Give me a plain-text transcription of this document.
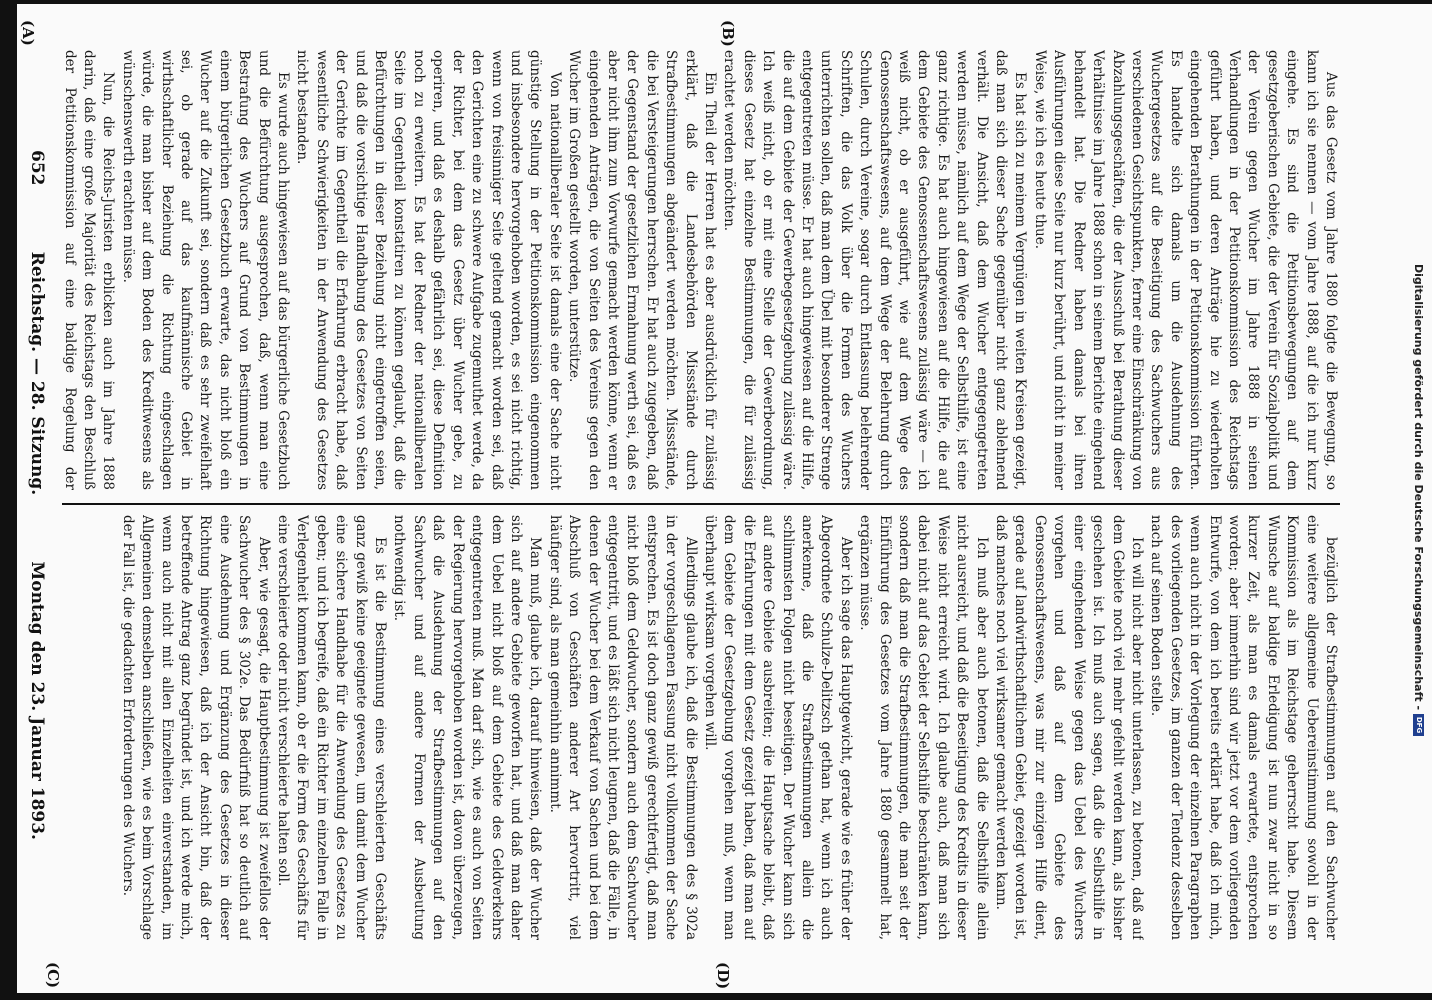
652
Reichstag. — 28. Sitzung.
Montag den 23. Januar 1893.
(A)	(B)
(C)	(D)

Aus das Gesetz vom Jahre 1880 folgte die Bewegung, so kann ich sie nennen — vom Jahre 1888, auf die ich nur kurz eingehe. Es sind die Petitionsbewegungen auf dem gesetzgeberischen Gebiete, die der Verein für Sozialpolitik und der Verein gegen Wucher im Jahre 1888 in seinen Verhandlungen in der Petitionskommission des Reichstags geführt haben, und deren Anträge hie zu wiederholten eingehenden Berathungen in der Petitionskommission führten. Es handelte sich damals um die Ausdehnung des Wuchergesetzes auf die Beseitigung des Sachwuchers aus verschiedenen Gesichtspunkten, ferner eine Einschränkung von Abzahlungsgeschäften, die der Ausschuß bei Berathung dieser Verhältnisse im Jahre 1888 schon in seinem Berichte eingehend behandelt hat. Die Redner haben damals bei ihren Ausführungen diese Seite nur kurz berührt, und nicht in meiner Weise, wie ich es heute thue.

Es hat sich zu meinem Vergnügen in weiten Kreisen gezeigt, daß man sich dieser Sache gegenüber nicht ganz ablehnend verhält. Die Ansicht, daß dem Wucher entgegengetreten werden müsse, nämlich auf dem Wege der Selbsthilfe, ist eine ganz richtige. Es hat auch hingewiesen auf die Hilfe, die auf dem Gebiete des Genossenschaftswesens zulässig wäre — ich weiß nicht, ob er ausgeführt, wie auf dem Wege des Genossenschaftswesens, auf dem Wege der Belehrung durch Schulen, durch Vereine, sogar durch Entlassung belehrender Schriften, die das Volk über die Formen des Wuchers unterrichten sollen, daß man dem Übel mit besonderer Strenge entgegentreten müsse. Er hat auch hingewiesen auf die Hilfe, die auf dem Gebiete der Gewerbegesetzgebung zulässig wäre. Ich weiß nicht, ob er mit eine Stelle der Gewerbeordnung, dieses Gesetz hat einzelne Bestimmungen, die für zulässig erachtet werden möchten.

Ein Theil der Herren hat es aber ausdrücklich für zulässig erklärt, daß die Landesbehörden Missstände durch Strafbestimmungen abgeändert werden möchten. Missstände, die bei Versteigerungen herrschen. Er hat auch zugegeben, daß der Gegenstand der gesetzlichen Ermahnung werth sei, daß es aber nicht ihm zum Vorwurfe gemacht werden könne, wenn er eingehenden Anträgen, die von Seiten des Vereins gegen den Wucher im Großen gestellt worden, unterstütze.

Von nationalliberaler Seite ist damals eine der Sache nicht günstige Stellung in der Petitionskommission eingenommen und insbesondere hervorgehoben worden, es sei nicht richtig, wenn von freisinniger Seite geltend gemacht worden sei, daß den Gerichten eine zu schwere Aufgabe zugemuthet werde, da der Richter, bei dem das Gesetz über Wucher gebe, zu operiren, und daß es deshalb gefährlich sei, diese Definition noch zu erweitern. Es hat der Redner der nationalliberalen Seite im Gegentheil konstatiren zu können geglaubt, daß die Befürchtungen in dieser Beziehung nicht eingetroffen seien, und daß die vorsichtige Handhabung des Gesetzes von Seiten der Gerichte im Gegentheil die Erfahrung erbracht habe, daß wesentliche Schwierigkeiten in der Anwendung des Gesetzes nicht bestanden.

Es wurde auch hingewiesen auf das bürgerliche Gesetzbuch und die Befürchtung ausgesprochen, daß, wenn man eine Bestrafung des Wuchers auf Grund von Bestimmungen in einem bürgerlichen Gesetzbuch erwarte, das nicht bloß ein Wucher auf die Zukunft sei, sondern daß es sehr zweifelhaft sei, ob gerade auf das kaufmännische Gebiet in wirthschaftlicher Beziehung die Richtung eingeschlagen würde, die man bisher auf dem Boden des Kreditwesens als wünschenswerth erachten müsse.

Nun, die Reichs-Juristen erblicken auch im Jahre 1888 darin, daß eine große Majorität des Reichstags den Beschluß der Petitionskommission auf eine baldige Regelung der

bezüglich der Strafbestimmungen auf den Sachwucher eine weitere allgemeine Uebereinstimmung sowohl in der Kommission als im Reichstage geherrscht habe. Diesem Wunsche auf baldige Erledigung ist nun zwar nicht in so kurzer Zeit, als man es damals erwartete, entsprochen worden; aber immerhin sind wir jetzt vor dem vorliegenden Entwurfe, von dem ich bereits erklärt habe, daß ich mich, wenn auch nicht in der Vorlegung der einzelnen Paragraphen des vorliegenden Gesetzes, im ganzen der Tendenz desselben nach auf seinen Boden stelle.

Ich will nicht aber nicht unterlassen, zu betonen, daß auf dem Gebiete noch viel mehr gefehlt werden kann, als bisher geschehen ist. Ich muß auch sagen, daß die Selbsthilfe in einer eingehenden Weise gegen das Uebel des Wuchers vorgehen und daß auf dem Gebiete des Genossenschaftswesens, was mir zur einzigen Hilfe dient, gerade auf landwirthschaftlichem Gebiet, gezeigt worden ist, daß manches noch viel wirksamer gemacht werden kann.

Ich muß aber auch betonen, daß die Selbsthilfe allein nicht ausreicht, und daß die Beseitigung des Kredits in dieser Weise nicht erreicht wird. Ich glaube auch, daß man sich dabei nicht auf das Gebiet der Selbsthilfe beschränken kann, sondern daß man die Strafbestimmungen, die man seit der Einführung des Gesetzes vom Jahre 1880 gesammelt hat, ergänzen müsse.

Aber ich sage das Hauptgewicht, gerade wie es früher der Abgeordnete Schulze-Delitzsch gethan hat, wenn ich auch anerkenne, daß die Strafbestimmungen allein die schlimmsten Folgen nicht beseitigen. Der Wucher kann sich auf andere Gebiete ausbreiten; die Hauptsache bleibt, daß die Erfahrungen mit dem Gesetz gezeigt haben, daß man auf dem Gebiete der Gesetzgebung vorgehen muß, wenn man überhaupt wirksam vorgehen will.

Allerdings glaube ich, daß die Bestimmungen des § 302a in der vorgeschlagenen Fassung nicht vollkommen der Sache entsprechen. Es ist doch ganz gewiß gerechtfertigt, daß man nicht bloß dem Geldwucher, sondern auch dem Sachwucher entgegentritt, und es läßt sich nicht leugnen, daß die Fälle, in denen der Wucher bei dem Verkauf von Sachen und bei dem Abschluß von Geschäften anderer Art hervortritt, viel häufiger sind, als man gemeinhin annimmt.

Man muß, glaube ich, darauf hinweisen, daß der Wucher sich auf andere Gebiete geworfen hat, und daß man daher dem Uebel nicht bloß auf dem Gebiete des Geldverkehrs entgegentreten muß. Man darf sich, wie es auch von Seiten der Regierung hervorgehoben worden ist, davon überzeugen, daß die Ausdehnung der Strafbestimmungen auf den Sachwucher und auf andere Formen der Ausbeutung nothwendig ist.

Es ist die Bestimmung eines verschleierten Geschäfts ganz gewiß keine geeignete gewesen, um damit dem Wucher eine sichere Handhabe für die Anwendung des Gesetzes zu geben; und ich begreife, daß ein Richter im einzelnen Falle in Verlegenheit kommen kann, ob er die Form des Geschäfts für eine verschleierte oder nicht verschleierte halten soll.

Aber, wie gesagt, die Hauptbestimmung ist zweifellos der Sachwucher des § 302e. Das Bedürfniß hat so deutlich auf eine Ausdehnung und Ergänzung des Gesetzes in dieser Richtung hingewiesen, daß ich der Ansicht bin, daß der betreffende Antrag ganz begründet ist, und ich werde mich, wenn auch nicht mit allen Einzelheiten einverstanden, im Allgemeinen demselben anschließen, wie es beim Vorschlage der Fall ist, die gedachten Erforderungen des Wuchers.	Digitalisierung gefördert durch die Deutsche Forschungsgemeinschaft -
DFG
